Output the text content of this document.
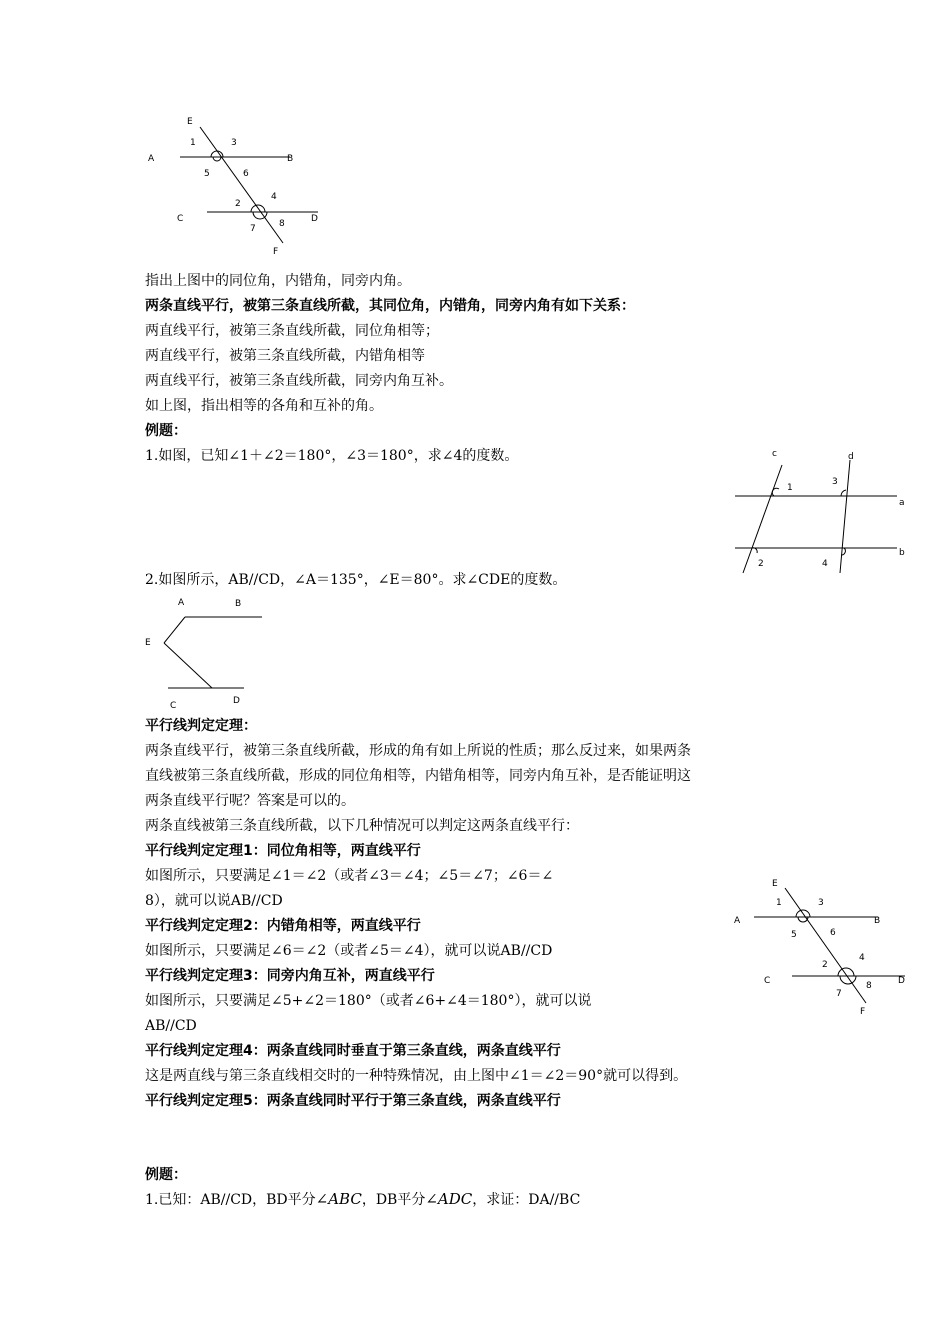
E
A	B
C	D
F
1	3
5	6
4
2
7	8
指出上图中的同位角，内错角，同旁内角。
两条直线平行，被第三条直线所截，其同位角，内错角，同旁内角有如下关系：
两直线平行，被第三条直线所截，同位角相等；
两直线平行，被第三条直线所截，内错角相等
两直线平行，被第三条直线所截，同旁内角互补。
如上图，指出相等的各角和互补的角。
例题：
1.如图，已知∠1＋∠2＝180°，∠3＝180°，求∠4的度数。	c	d
a
b
1
3
2	4
2.如图所示，AB//CD，∠A＝135°，∠E＝80°。求∠CDE的度数。
A	B
E
C	D
平行线判定定理：
两条直线平行，被第三条直线所截，形成的角有如上所说的性质；那么反过来，如果两条
直线被第三条直线所截，形成的同位角相等，内错角相等，同旁内角互补，是否能证明这
两条直线平行呢？答案是可以的。
两条直线被第三条直线所截，以下几种情况可以判定这两条直线平行：
平行线判定定理1：同位角相等，两直线平行
如图所示，只要满足∠1＝∠2（或者∠3＝∠4；∠5＝∠7；∠6＝∠
8），就可以说AB//CD
平行线判定定理2：内错角相等，两直线平行
如图所示，只要满足∠6＝∠2（或者∠5＝∠4），就可以说AB//CD
平行线判定定理3：同旁内角互补，两直线平行
如图所示，只要满足∠5+∠2＝180°（或者∠6+∠4＝180°），就可以说
AB//CD
平行线判定定理4：两条直线同时垂直于第三条直线，两条直线平行
这是两直线与第三条直线相交时的一种特殊情况，由上图中∠1＝∠2＝90°就可以得到。
平行线判定定理5：两条直线同时平行于第三条直线，两条直线平行
E
A	B
C	D
F
1	3
5	6
4
2
7
8
例题：
1.已知：AB//CD，BD平分∠ABC，DB平分∠ADC，求证：DA//BC
